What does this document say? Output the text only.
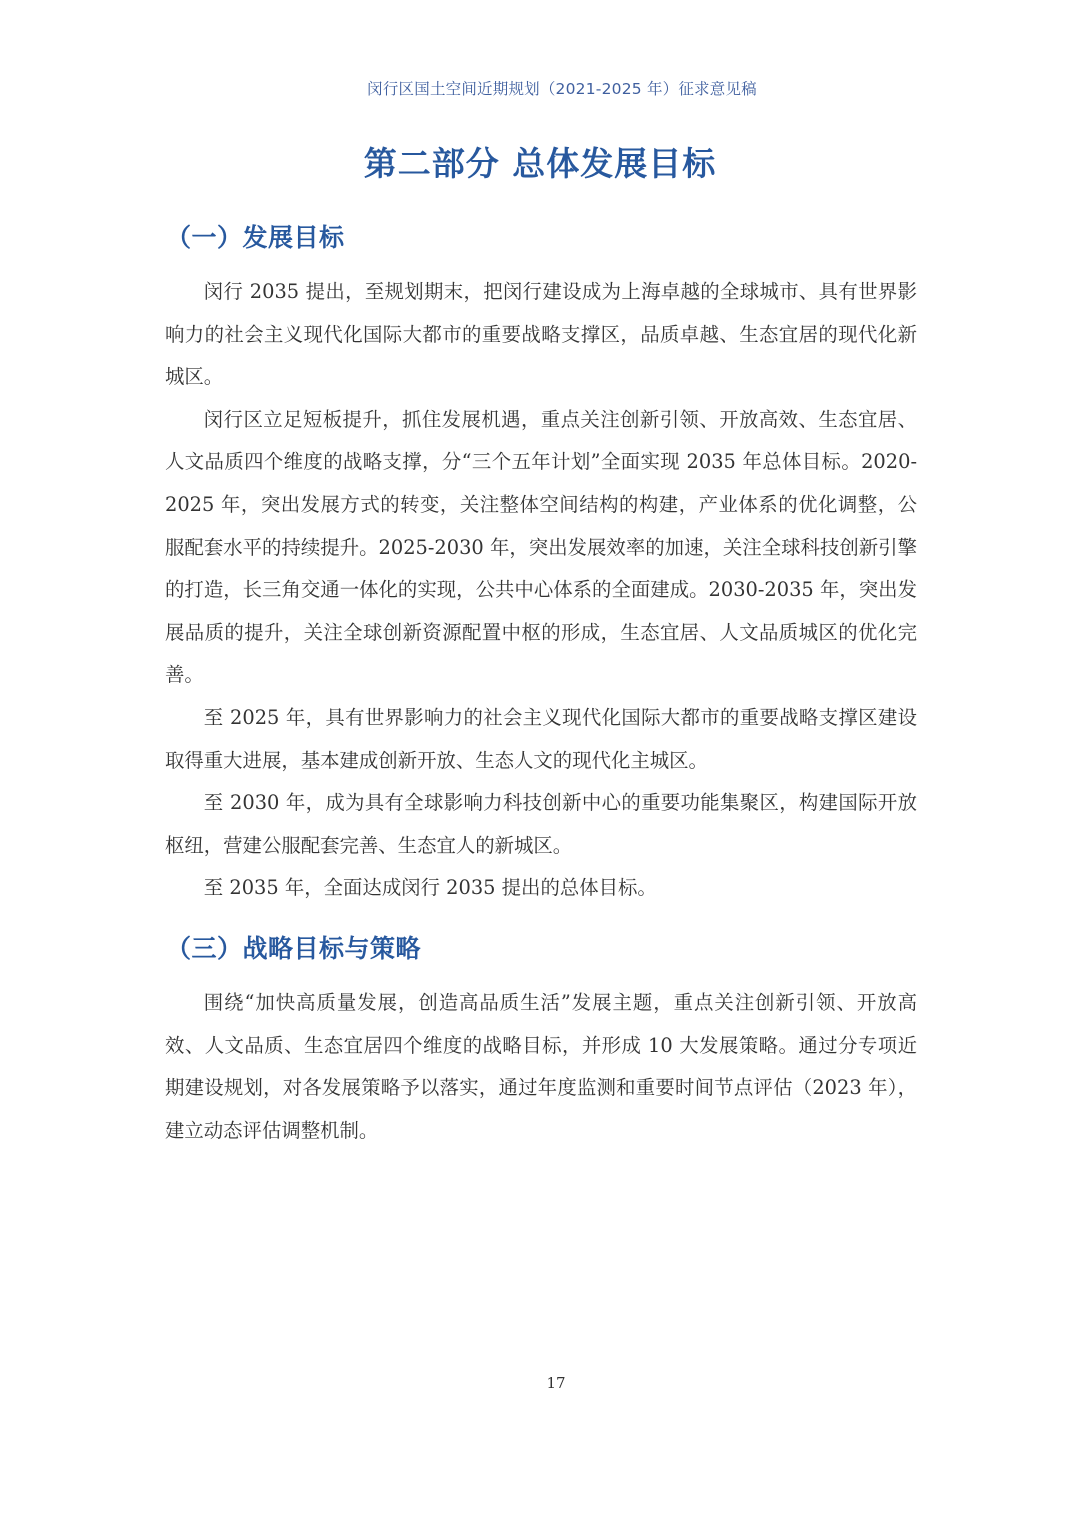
闵行区国土空间近期规划（2021-2025 年）征求意见稿
第二部分 总体发展目标
（一）发展目标

闵行 2035 提出，至规划期末，把闵行建设成为上海卓越的全球城市、具有世界影响力的社会主义现代化国际大都市的重要战略支撑区，品质卓越、生态宜居的现代化新城区。

闵行区立足短板提升，抓住发展机遇，重点关注创新引领、开放高效、生态宜居、人文品质四个维度的战略支撑，分“三个五年计划”全面实现 2035 年总体目标。2020-2025 年，突出发展方式的转变，关注整体空间结构的构建，产业体系的优化调整，公服配套水平的持续提升。2025-2030 年，突出发展效率的加速，关注全球科技创新引擎的打造，长三角交通一体化的实现，公共中心体系的全面建成。2030-2035 年，突出发展品质的提升，关注全球创新资源配置中枢的形成，生态宜居、人文品质城区的优化完善。

至 2025 年，具有世界影响力的社会主义现代化国际大都市的重要战略支撑区建设取得重大进展，基本建成创新开放、生态人文的现代化主城区。

至 2030 年，成为具有全球影响力科技创新中心的重要功能集聚区，构建国际开放枢纽，营建公服配套完善、生态宜人的新城区。

至 2035 年，全面达成闵行 2035 提出的总体目标。

（三）战略目标与策略

围绕“加快高质量发展，创造高品质生活”发展主题，重点关注创新引领、开放高效、人文品质、生态宜居四个维度的战略目标，并形成 10 大发展策略。通过分专项近期建设规划，对各发展策略予以落实，通过年度监测和重要时间节点评估（2023 年），建立动态评估调整机制。

17
